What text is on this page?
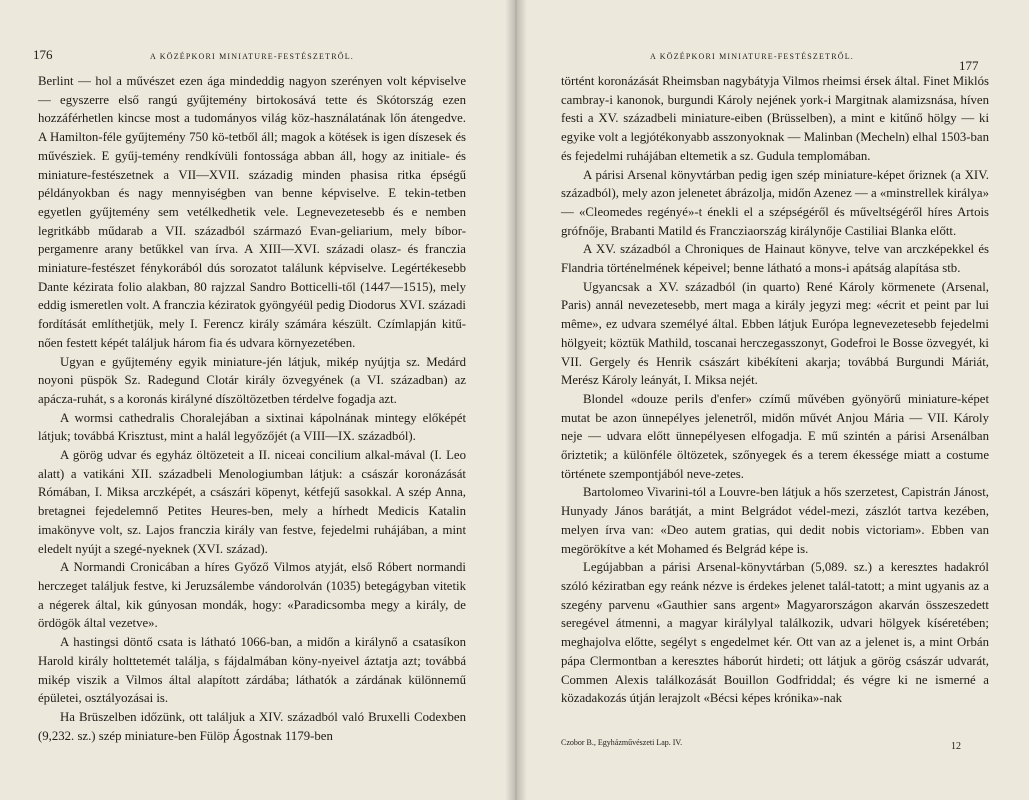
176	A KÖZÉPKORI MINIATURE-FESTÉSZETRŐL.

Berlint — hol a művészet ezen ága mindeddig nagyon szerényen volt képviselve — egyszerre első rangú gyűjtemény birtokosává tette és Skótország ezen hozzáférhetlen kincse most a tudományos világ köz-használatának lőn átengedve. A Hamilton-féle gyűjtemény 750 kö-tetből áll; magok a kötések is igen díszesek és művésziek. E gyűj-temény rendkívüli fontossága abban áll, hogy az initiale- és miniature-festészetnek a VII—XVII. századig minden phasisa ritka épségű példányokban és nagy mennyiségben van benne képviselve. E tekin-tetben egyetlen gyűjtemény sem vetélkedhetik vele. Legnevezetesebb és e nemben legritkább műdarab a VII. századból származó Evan-geliarium, mely bíbor-pergamenre arany betűkkel van írva. A XIII—XVI. századi olasz- és franczia miniature-festészet fénykorából dús sorozatot találunk képviselve. Legértékesebb Dante kézirata folio alakban, 80 rajzzal Sandro Botticelli-től (1447—1515), mely eddig ismeretlen volt. A franczia kéziratok gyöngyéül pedig Diodorus XVI. századi fordítását említhetjük, mely I. Ferencz király számára készült. Czímlapján kitű-nően festett képét találjuk három fia és udvara környezetében.

Ugyan e gyűjtemény egyik miniature-jén látjuk, mikép nyújtja sz. Medárd noyoni püspök Sz. Radegund Clotár király özvegyének (a VI. században) az apácza-ruhát, s a koronás királyné díszöltözetben térdelve fogadja azt.

A wormsi cathedralis Choralejában a sixtinai kápolnának mintegy előképét látjuk; továbbá Krisztust, mint a halál legyőzőjét (a VIII—IX. századból).

A görög udvar és egyház öltözeteit a II. niceai concilium alkal-mával (I. Leo alatt) a vatikáni XII. századbeli Menologiumban látjuk: a császár koronázását Rómában, I. Miksa arczképét, a császári köpenyt, kétfejű sasokkal. A szép Anna, bretagnei fejedelemnő Petites Heures-ben, mely a hírhedt Medicis Katalin imakönyve volt, sz. Lajos franczia király van festve, fejedelmi ruhájában, a mint eledelt nyújt a szegé-nyeknek (XVI. század).

A Normandi Cronicában a híres Győző Vilmos atyját, első Róbert normandi herczeget találjuk festve, ki Jeruzsálembe vándorolván (1035) betegágyban vitetik a négerek által, kik gúnyosan mondák, hogy: «Paradicsomba megy a király, de ördögök által vezetve».

A hastingsi döntő csata is látható 1066-ban, a midőn a királynő a csatasíkon Harold király holttetemét találja, s fájdalmában köny-nyeivel áztatja azt; továbbá mikép viszik a Vilmos által alapított zárdába; láthatók a zárdának különnemű épületei, osztályozásai is.

Ha Brüszelben időzünk, ott találjuk a XIV. századból való Bruxelli Codexben (9,232. sz.) szép miniature-ben Fülöp Ágostnak 1179-ben

A KÖZÉPKORI MINIATURE-FESTÉSZETRŐL.
177

történt koronázását Rheimsban nagybátyja Vilmos rheimsi érsek által. Finet Miklós cambray-i kanonok, burgundi Károly nejének york-i Margitnak alamizsnása, híven festi a XV. századbeli miniature-eiben (Brüsselben), a mint e kitűnő hölgy — ki egyike volt a legjótékonyabb asszonyoknak — Malinban (Mecheln) elhal 1503-ban és fejedelmi ruhájában eltemetik a sz. Gudula templomában.

A párisi Arsenal könyvtárban pedig igen szép miniature-képet őriznek (a XIV. századból), mely azon jelenetet ábrázolja, midőn Azenez — a «minstrellek királya» — «Cleomedes regényé»-t énekli el a szépségéről és műveltségéről híres Artois grófnője, Brabanti Matild és Francziaország királynője Castiliai Blanka előtt.

A XV. századból a Chroniques de Hainaut könyve, telve van arczképekkel és Flandria történelmének képeivel; benne látható a mons-i apátság alapítása stb.

Ugyancsak a XV. századból (in quarto) René Károly körmenete (Arsenal, Paris) annál nevezetesebb, mert maga a király jegyzi meg: «écrit et peint par lui même», ez udvara személyé által. Ebben látjuk Európa legnevezetesebb fejedelmi hölgyeit; köztük Mathild, toscanai herczegasszonyt, Godefroi le Bosse özvegyét, ki VII. Gergely és Henrik császárt kibékíteni akarja; továbbá Burgundi Máriát, Merész Károly leányát, I. Miksa nejét.

Blondel «douze perils d'enfer» czímű művében gyönyörű miniature-képet mutat be azon ünnepélyes jelenetről, midőn művét Anjou Mária — VII. Károly neje — udvara előtt ünnepélyesen elfogadja. E mű szintén a párisi Arsenálban őriztetik; a különféle öltözetek, szőnyegek és a terem ékessége miatt a costume története szempontjából neve-zetes.

Bartolomeo Vivarini-tól a Louvre-ben látjuk a hős szerzetest, Capistrán Jánost, Hunyady János barátját, a mint Belgrádot védel-mezi, zászlót tartva kezében, melyen írva van: «Deo autem gratias, qui dedit nobis victoriam». Ebben van megörökítve a két Mohamed és Belgrád képe is.

Legújabban a párisi Arsenal-könyvtárban (5,089. sz.) a keresztes hadakról szóló kéziratban egy reánk nézve is érdekes jelenet talál-tatott; a mint ugyanis az a szegény parvenu «Gauthier sans argent» Magyarországon akarván összeszedett seregével átmenni, a magyar királylyal találkozik, udvari hölgyek kíséretében; meghajolva előtte, segélyt s engedelmet kér. Ott van az a jelenet is, a mint Orbán pápa Clermontban a keresztes háborút hirdeti; ott látjuk a görög császár udvarát, Commen Alexis találkozását Bouillon Godfriddal; és végre ki ne ismerné a közadakozás útján lerajzolt «Bécsi képes krónika»-nak

Czobor B., Egyházművészeti Lap. IV.	12
